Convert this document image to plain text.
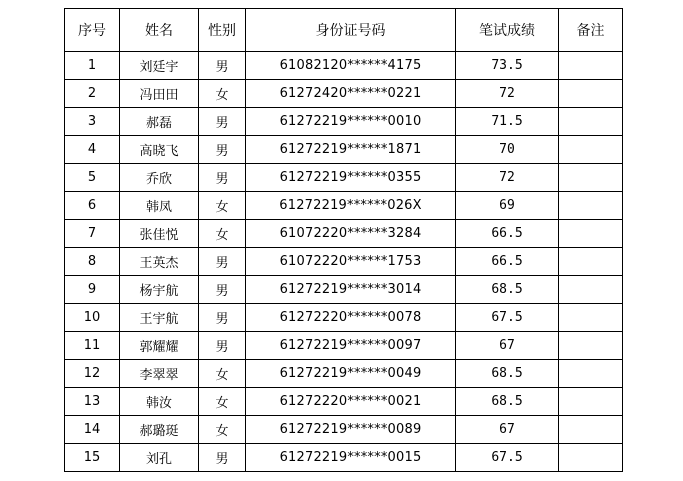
序号	姓名	性别	身份证号码	笔试成绩	备注
1	刘廷宇	男	61082120******4175	73.5	
2	冯田田	女	61272420******0221	72	
3	郝磊	男	61272219******0010	71.5	
4	高晓飞	男	61272219******1871	70	
5	乔欣	男	61272219******0355	72	
6	韩凤	女	61272219******026X	69	
7	张佳悦	女	61072220******3284	66.5	
8	王英杰	男	61072220******1753	66.5	
9	杨宇航	男	61272219******3014	68.5	
10	王宇航	男	61272220******0078	67.5	
11	郭耀耀	男	61272219******0097	67	
12	李翠翠	女	61272219******0049	68.5	
13	韩汝	女	61272220******0021	68.5	
14	郝璐珽	女	61272219******0089	67	
15	刘孔	男	61272219******0015	67.5	
